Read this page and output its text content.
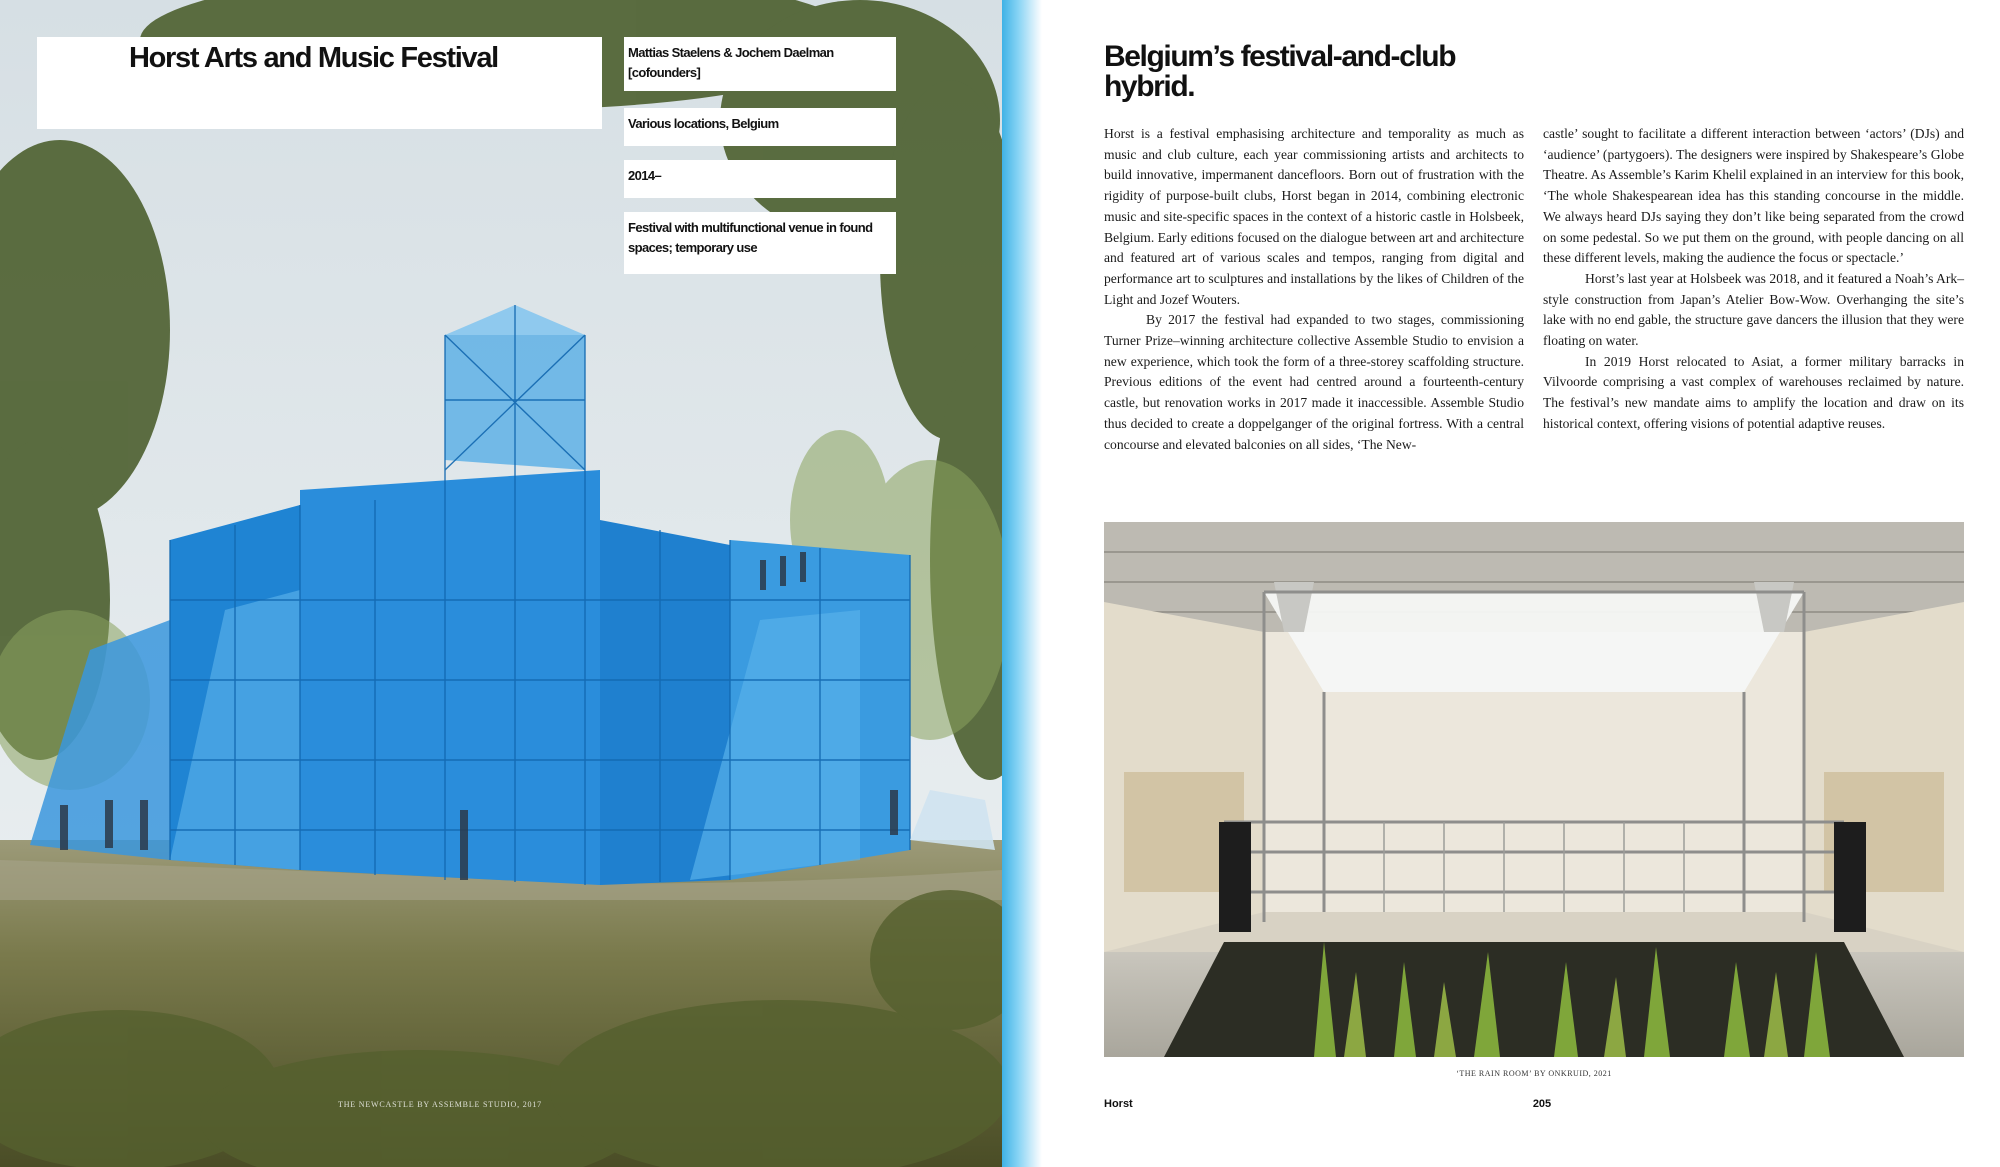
Horst Arts and Music Festival	Mattias Staelens & Jochem Daelman [cofounders]
Various locations, Belgium
2014–
Festival with multifunctional venue in found spaces; temporary use
THE NEWCASTLE BY ASSEMBLE STUDIO, 2017
Belgium’s festival-and-club hybrid.

Horst is a festival emphasising architecture and temporality as much as music and club culture, each year commissioning artists and architects to build innovative, impermanent dancefloors. Born out of frustration with the rigidity of purpose-built clubs, Horst began in 2014, combining electronic music and site-specific spaces in the context of a historic castle in Holsbeek, Belgium. Early editions focused on the dialogue between art and architecture and featured art of various scales and tempos, ranging from digital and performance art to sculptures and installations by the likes of Children of the Light and Jozef Wouters.

By 2017 the festival had expanded to two stages, commissioning Turner Prize–winning architecture collective Assemble Studio to envision a new experience, which took the form of a three-storey scaffolding structure. Previous editions of the event had centred around a fourteenth-century castle, but renovation works in 2017 made it inaccessible. Assemble Studio thus decided to create a doppelganger of the original fortress. With a central concourse and elevated balconies on all sides, ‘The New-

castle’ sought to facilitate a different interaction between ‘actors’ (DJs) and ‘audience’ (partygoers). The designers were inspired by Shakespeare’s Globe Theatre. As Assemble’s Karim Khelil explained in an interview for this book, ‘The whole Shakespearean idea has this standing concourse in the middle. We always heard DJs saying they don’t like being separated from the crowd on some pedestal. So we put them on the ground, with people dancing on all these different levels, making the audience the focus or spectacle.’

Horst’s last year at Holsbeek was 2018, and it featured a Noah’s Ark–style construction from Japan’s Atelier Bow-Wow. Overhanging the site’s lake with no end gable, the structure gave dancers the illusion that they were floating on water.

In 2019 Horst relocated to Asiat, a former military barracks in Vilvoorde comprising a vast complex of warehouses reclaimed by nature. The festival’s new mandate aims to amplify the location and draw on its historical context, offering visions of potential adaptive reuses.

‘THE RAIN ROOM’ BY ONKRUID, 2021
Horst	205
